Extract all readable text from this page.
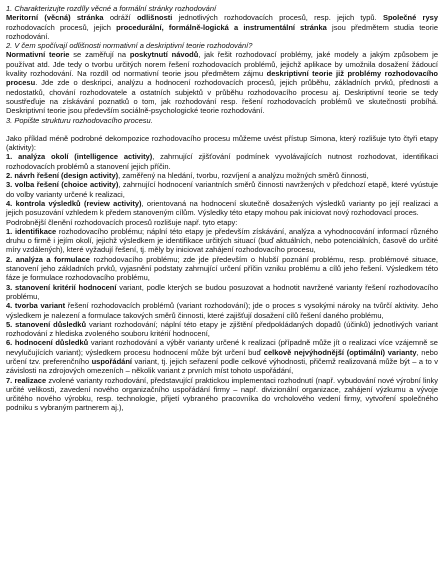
1. Charakterizujte rozdíly věcné a formální stránky rozhodování

Meritorní (věcná) stránka odráží odlišnosti jednotlivých rozhodovacích procesů, resp. jejich typů. Společné rysy rozhodovacích procesů, jejich procedurální, formálně-logická a instrumentální stránka jsou předmětem studia teorie rozhodování.

2. V čem spočívají odlišnosti normativní a deskriptivní teorie rozhodování?

Normativní teorie se zaměřují na poskytnutí návodů, jak řešit rozhodovací problémy, jaké modely a jakým způsobem je používat atd. Jde tedy o tvorbu určitých norem řešení rozhodovacích problémů, jejichž aplikace by umožnila dosažení žádoucí kvality rozhodování. Na rozdíl od normativní teorie jsou předmětem zájmu deskriptivní teorie již problémy rozhodovacího procesu. Jde zde o deskripci, analýzu a hodnocení rozhodovacích procesů, jejich průběhu, základních prvků, přednosti a nedostatků, chování rozhodovatele a ostatních subjektů v průběhu rozhodovacího procesu aj. Deskriptivní teorie se tedy soustřeďuje na získávání poznatků o tom, jak rozhodování resp. řešení rozhodovacích problémů ve skutečnosti probíhá. Deskriptivní teorie jsou především sociálně-psychologické teorie rozhodování.

3. Popište strukturu rozhodovacího procesu.

Jako příklad méně podrobné dekompozice rozhodovacího procesu můžeme uvést přístup Simona, který rozlišuje tyto čtyři etapy (aktivity):

1. analýza okolí (intelligence activity), zahrnující zjišťování podmínek vyvolávajících nutnost rozhodovat, identifikaci rozhodovacích problémů a stanovení jejich příčin.

2. návrh řešení (design activity), zaměřený na hledání, tvorbu, rozvíjení a analýzu možných směrů činnosti,

3. volba řešení (choice activity), zahrnující hodnocení variantních směrů činnosti navržených v předchozí etapě, které vyústuje do volby varianty určené k realizaci,

4. kontrola výsledků (review activity), orientovaná na hodnocení skutečně dosažených výsledků varianty po její realizaci a jejich posuzování vzhledem k předem stanoveným cílům. Výsledky této etapy mohou pak iniciovat nový rozhodovací proces.

Podrobnější členění rozhodovacích procesů rozlišuje např. tyto etapy:

1. identifikace rozhodovacího problému; náplní této etapy je především získávání, analýza a vyhodnocování informací různého druhu o firmě i jejím okolí, jejichž výsledkem je identifikace určitých situací (buď aktuálních, nebo potenciálních, časově do určité míry vzdálených), které vyžadují řešení, tj. měly by iniciovat zahájení rozhodovacího procesu,

2. analýza a formulace rozhodovacího problému; zde jde především o hlubší poznání problému, resp. problémové situace, stanovení jeho základních prvků, vyjasnění podstaty zahrnující určení příčin vzniku problému a cílů jeho řešení. Výsledkem této fáze je formulace rozhodovacího problému,

3. stanovení kritérií hodnocení variant, podle kterých se budou posuzovat a hodnotit navržené varianty řešení rozhodovacího problému,

4. tvorba variant řešení rozhodovacích problémů (variant rozhodování); jde o proces s vysokými nároky na tvůrčí aktivity. Jeho výsledkem je nalezení a formulace takových směrů činnosti, které zajišťují dosažení cílů řešení daného problému,

5. stanovení důsledků variant rozhodování; náplní této etapy je zjištění předpokládaných dopadů (účinků) jednotlivých variant rozhodování z hlediska zvoleného souboru kritérií hodnocení,

6. hodnocení důsledků variant rozhodování a výběr varianty určené k realizaci (případně může jít o realizaci více vzájemně se nevylučujících variant); výsledkem procesu hodnocení může být určení buď celkově nejvýhodnější (optimální) varianty, nebo určení tzv. preferenčního uspořádání variant, tj. jejich seřazení podle celkové výhodnosti, přičemž realizovaná může být – a to v závislosti na zdrojových omezeních – několik variant z prvních míst tohoto uspořádání,

7. realizace zvolené varianty rozhodování, představující praktickou implementaci rozhodnutí (např. vybudování nové výrobní linky určité velikosti, zavedení nového organizačního uspořádání firmy – např. divizionální organizace, zahájení výzkumu a vývoje určitého nového výrobku, resp. technologie, přijetí vybraného pracovníka do vrcholového vedení firmy, vytvoření společného podniku s vybraným partnerem aj.),
